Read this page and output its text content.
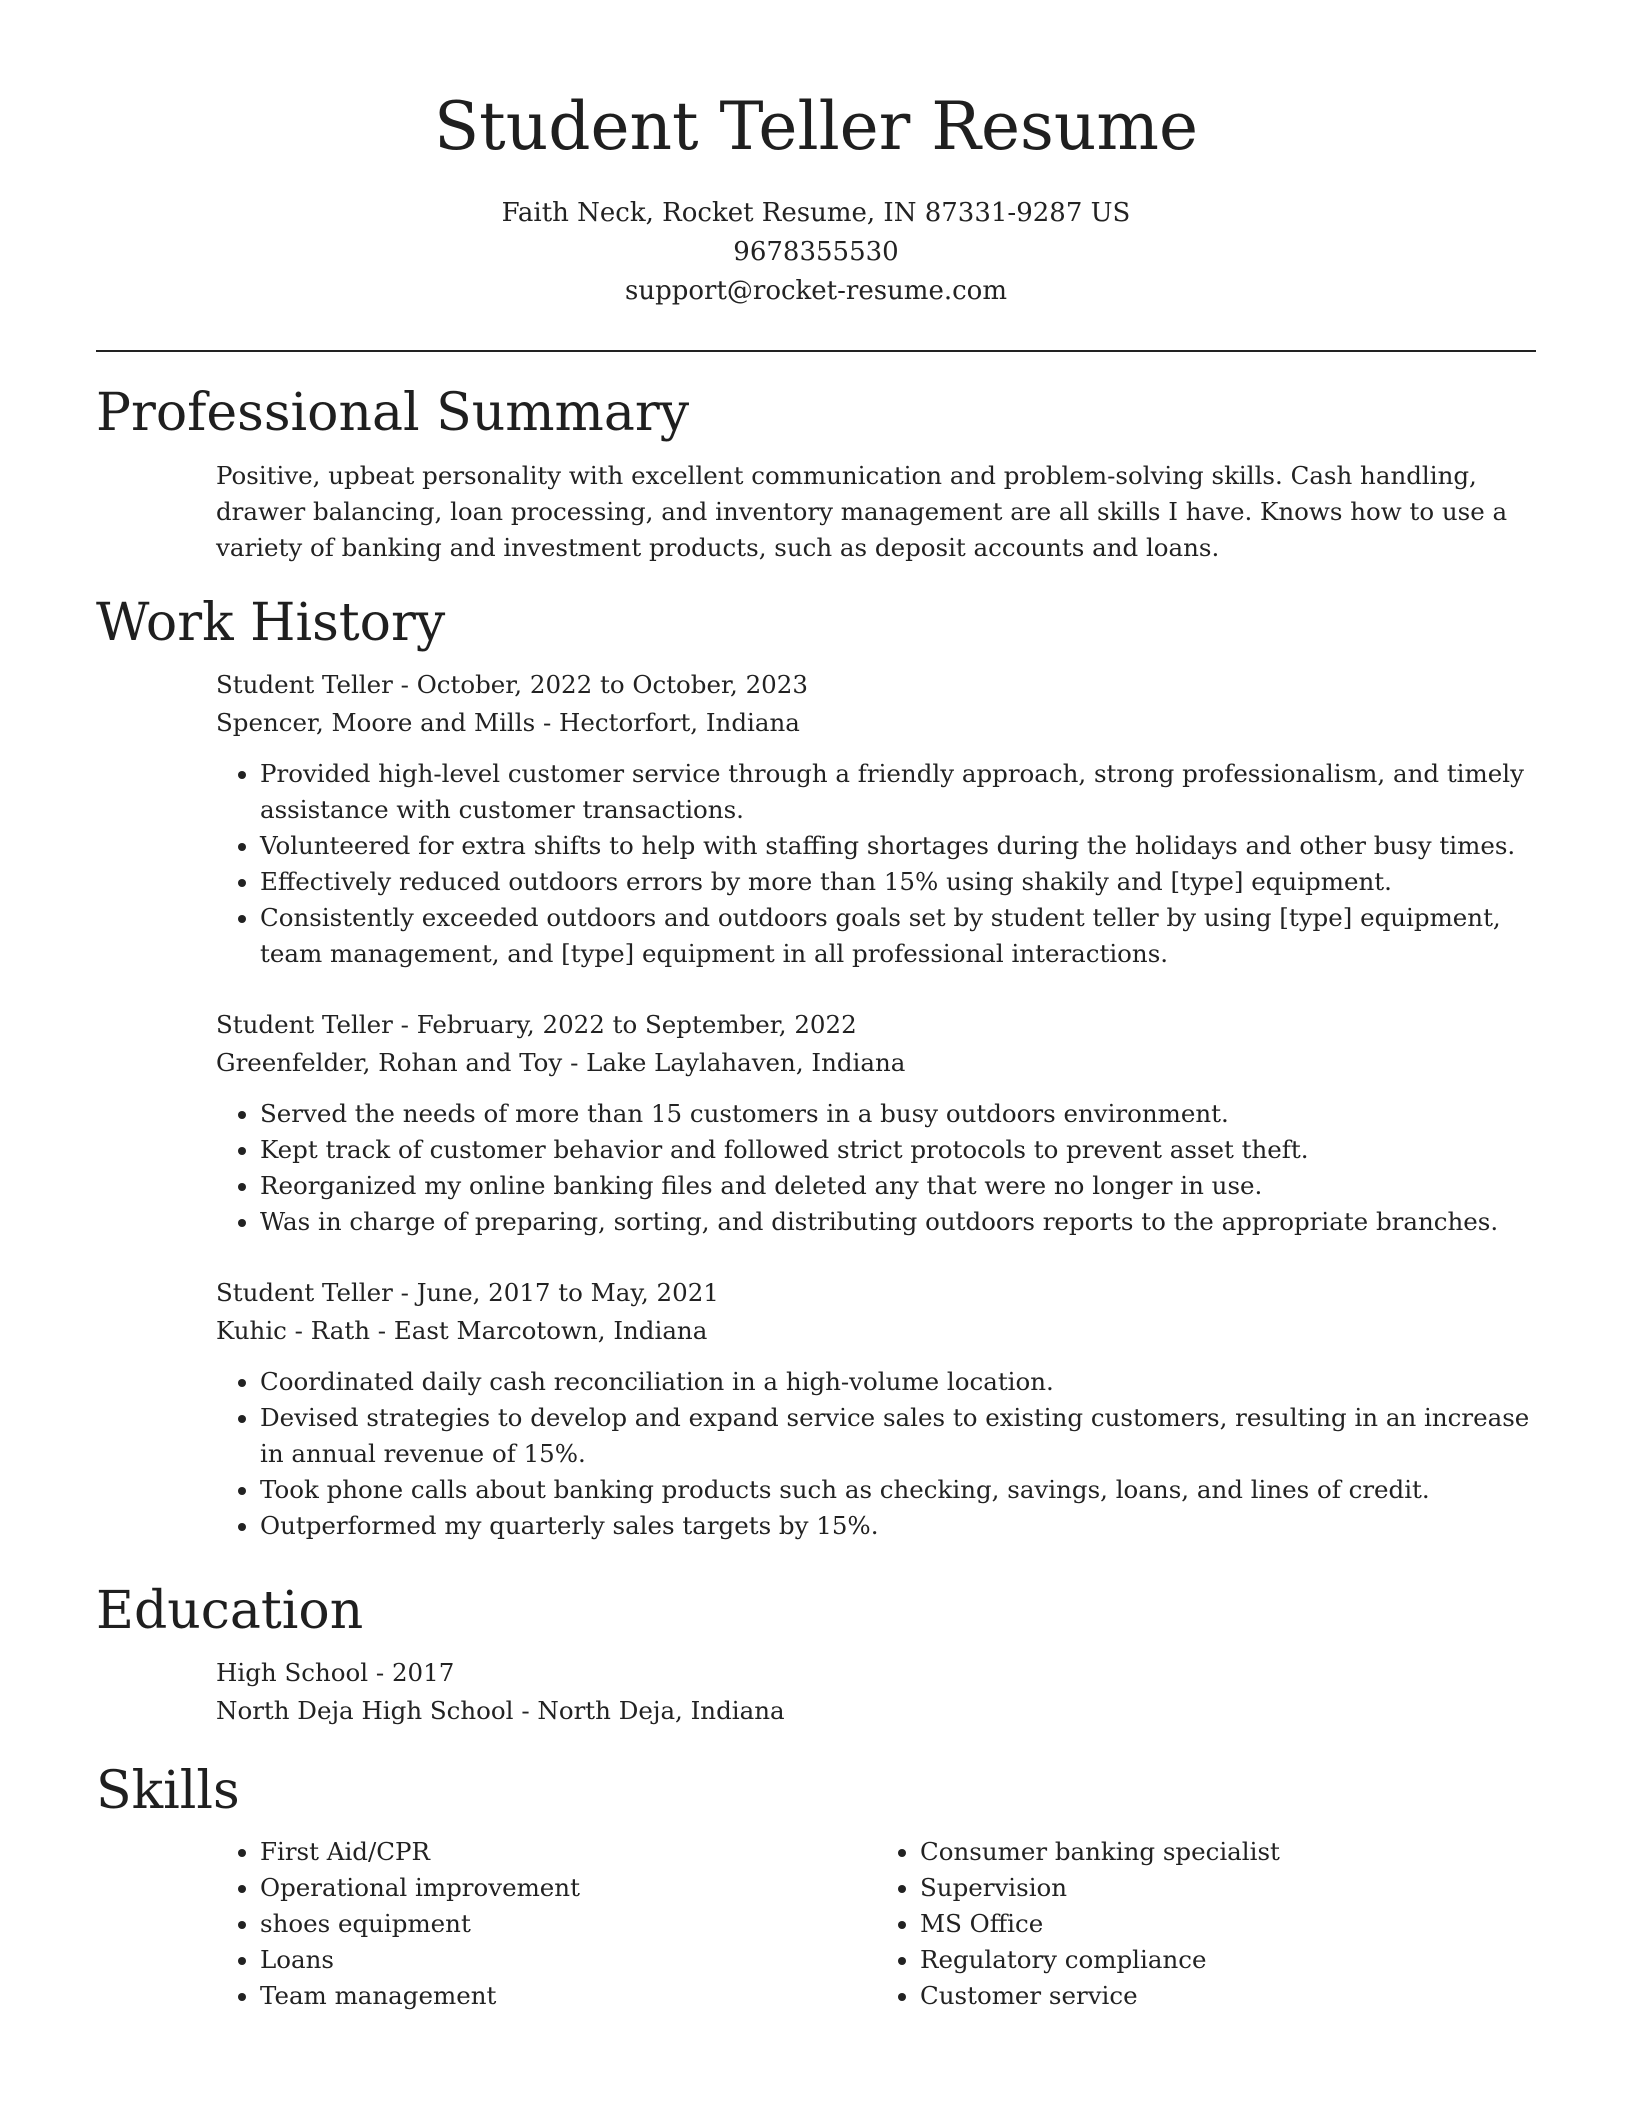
Student Teller Resume
Faith Neck, Rocket Resume, IN 87331-9287 US
9678355530
support@rocket-resume.com
Professional Summary
Positive, upbeat personality with excellent communication and problem-solving skills. Cash handling, drawer balancing, loan processing, and inventory management are all skills I have. Knows how to use a variety of banking and investment products, such as deposit accounts and loans.
Work History
Student Teller - October, 2022 to October, 2023
Spencer, Moore and Mills - Hectorfort, Indiana
• Provided high-level customer service through a friendly approach, strong professionalism, and timely assistance with customer transactions.
• Volunteered for extra shifts to help with staffing shortages during the holidays and other busy times.
• Effectively reduced outdoors errors by more than 15% using shakily and [type] equipment.
• Consistently exceeded outdoors and outdoors goals set by student teller by using [type] equipment, team management, and [type] equipment in all professional interactions.
Student Teller - February, 2022 to September, 2022
Greenfelder, Rohan and Toy - Lake Laylahaven, Indiana
• Served the needs of more than 15 customers in a busy outdoors environment.
• Kept track of customer behavior and followed strict protocols to prevent asset theft.
• Reorganized my online banking files and deleted any that were no longer in use.
• Was in charge of preparing, sorting, and distributing outdoors reports to the appropriate branches.
Student Teller - June, 2017 to May, 2021
Kuhic - Rath - East Marcotown, Indiana
• Coordinated daily cash reconciliation in a high-volume location.
• Devised strategies to develop and expand service sales to existing customers, resulting in an increase in annual revenue of 15%.
• Took phone calls about banking products such as checking, savings, loans, and lines of credit.
• Outperformed my quarterly sales targets by 15%.
Education
High School - 2017
North Deja High School - North Deja, Indiana
Skills
• First Aid/CPR
• Operational improvement
• shoes equipment
• Loans
• Team management
• Consumer banking specialist
• Supervision
• MS Office
• Regulatory compliance
• Customer service
